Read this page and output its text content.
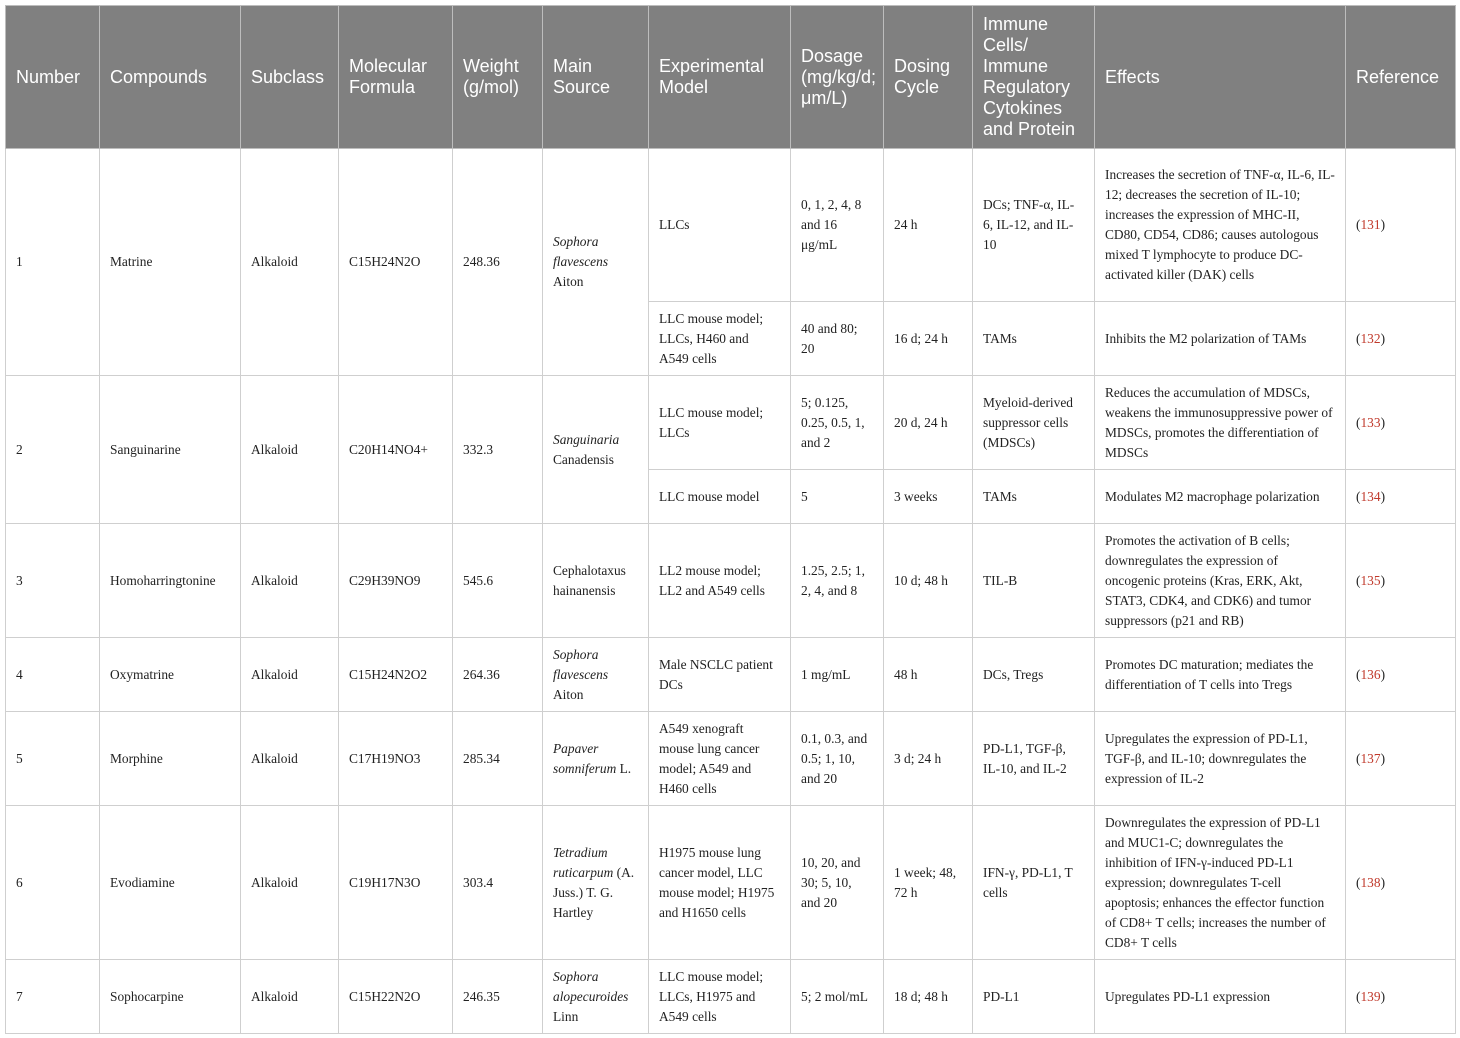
Number	Compounds	Subclass	Molecular Formula	Weight (g/mol)	Main Source	Experimental Model	Dosage (mg/kg/d; μm/L)	Dosing Cycle	Immune Cells/ Immune Regulatory Cytokines and Protein	Effects	Reference
1	Matrine	Alkaloid	C15H24N2O	248.36	Sophora flavescens Aiton	LLCs	0, 1, 2, 4, 8 and 16 μg/mL	24 h	DCs; TNF-α, IL-6, IL-12, and IL-10	Increases the secretion of TNF-α, IL-6, IL-12; decreases the secretion of IL-10; increases the expression of MHC-II, CD80, CD54, CD86; causes autologous mixed T lymphocyte to produce DC-activated killer (DAK) cells	(131)
						LLC mouse model; LLCs, H460 and A549 cells	40 and 80; 20	16 d; 24 h	TAMs	Inhibits the M2 polarization of TAMs	(132)
2	Sanguinarine	Alkaloid	C20H14NO4+	332.3	Sanguinaria Canadensis	LLC mouse model; LLCs	5; 0.125, 0.25, 0.5, 1, and 2	20 d, 24 h	Myeloid-derived suppressor cells (MDSCs)	Reduces the accumulation of MDSCs, weakens the immunosuppressive power of MDSCs, promotes the differentiation of MDSCs	(133)
						LLC mouse model	5	3 weeks	TAMs	Modulates M2 macrophage polarization	(134)
3	Homoharringtonine	Alkaloid	C29H39NO9	545.6	Cephalotaxus hainanensis	LL2 mouse model; LL2 and A549 cells	1.25, 2.5; 1, 2, 4, and 8	10 d; 48 h	TIL-B	Promotes the activation of B cells; downregulates the expression of oncogenic proteins (Kras, ERK, Akt, STAT3, CDK4, and CDK6) and tumor suppressors (p21 and RB)	(135)
4	Oxymatrine	Alkaloid	C15H24N2O2	264.36	Sophora flavescens Aiton	Male NSCLC patient DCs	1 mg/mL	48 h	DCs, Tregs	Promotes DC maturation; mediates the differentiation of T cells into Tregs	(136)
5	Morphine	Alkaloid	C17H19NO3	285.34	Papaver somniferum L.	A549 xenograft mouse lung cancer model; A549 and H460 cells	0.1, 0.3, and 0.5; 1, 10, and 20	3 d; 24 h	PD-L1, TGF-β, IL-10, and IL-2	Upregulates the expression of PD-L1, TGF-β, and IL-10; downregulates the expression of IL-2	(137)
6	Evodiamine	Alkaloid	C19H17N3O	303.4	Tetradium ruticarpum (A. Juss.) T. G. Hartley	H1975 mouse lung cancer model, LLC mouse model; H1975 and H1650 cells	10, 20, and 30; 5, 10, and 20	1 week; 48, 72 h	IFN-γ, PD-L1, T cells	Downregulates the expression of PD-L1 and MUC1-C; downregulates the inhibition of IFN-γ-induced PD-L1 expression; downregulates T-cell apoptosis; enhances the effector function of CD8+ T cells; increases the number of CD8+ T cells	(138)
7	Sophocarpine	Alkaloid	C15H22N2O	246.35	Sophora alopecuroides Linn	LLC mouse model; LLCs, H1975 and A549 cells	5; 2 mol/mL	18 d; 48 h	PD-L1	Upregulates PD-L1 expression	(139)
